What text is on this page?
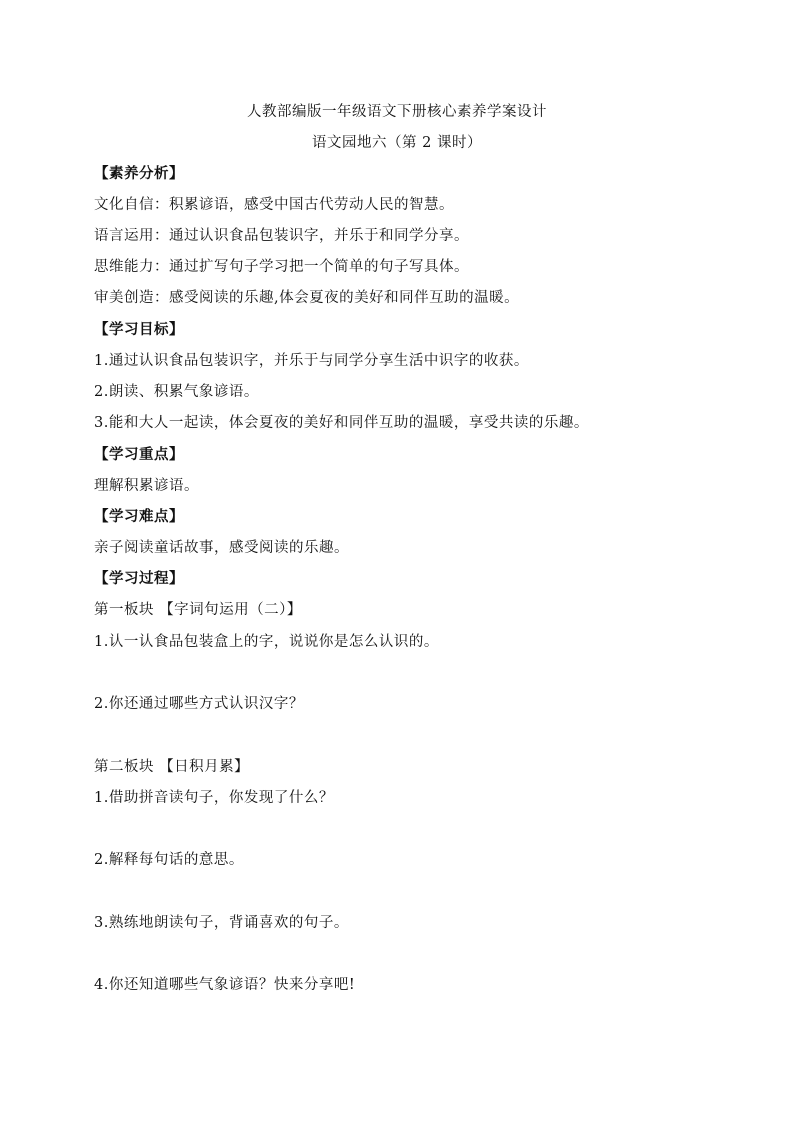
人教部编版一年级语文下册核心素养学案设计
语文园地六（第 2 课时）
【素养分析】
文化自信：积累谚语，感受中国古代劳动人民的智慧。
语言运用：通过认识食品包装识字，并乐于和同学分享。
思维能力：通过扩写句子学习把一个简单的句子写具体。
审美创造：感受阅读的乐趣,体会夏夜的美好和同伴互助的温暖。
【学习目标】
1.通过认识食品包装识字，并乐于与同学分享生活中识字的收获。
2.朗读、积累气象谚语。
3.能和大人一起读，体会夏夜的美好和同伴互助的温暖，享受共读的乐趣。
【学习重点】
理解积累谚语。
【学习难点】
亲子阅读童话故事，感受阅读的乐趣。
【学习过程】
第一板块 【字词句运用（二）】
1.认一认食品包装盒上的字，说说你是怎么认识的。
2.你还通过哪些方式认识汉字？
第二板块 【日积月累】
1.借助拼音读句子，你发现了什么？
2.解释每句话的意思。
3.熟练地朗读句子，背诵喜欢的句子。
4.你还知道哪些气象谚语？快来分享吧!
